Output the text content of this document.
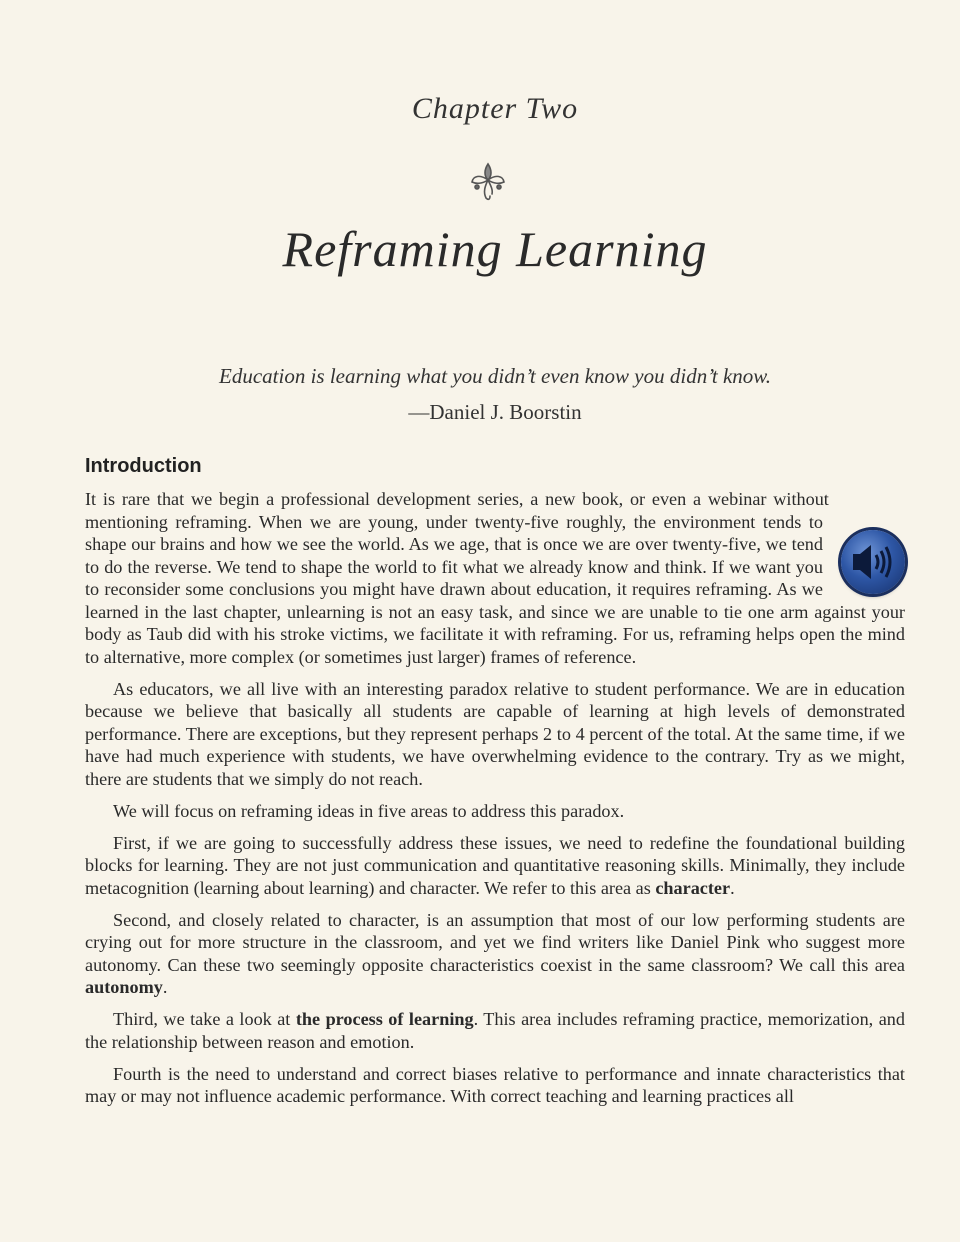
Chapter Two
Reframing Learning
Education is learning what you didn’t even know you didn’t know.
—Daniel J. Boorstin
Introduction

It is rare that we begin a professional development series, a new book, or even a webinar without mentioning reframing. When we are young, under twenty-five roughly, the environment tends to shape our brains and how we see the world. As we age, that is once we are over twenty-five, we tend to do the reverse. We tend to shape the world to fit what we already know and think. If we want you to reconsider some conclusions you might have drawn about education, it requires reframing. As we learned in the last chapter, unlearning is not an easy task, and since we are unable to tie one arm against your body as Taub did with his stroke victims, we facilitate it with reframing. For us, reframing helps open the mind to alternative, more complex (or sometimes just larger) frames of reference.

As educators, we all live with an interesting paradox relative to student performance. We are in education because we believe that basically all students are capable of learning at high levels of demonstrated performance. There are exceptions, but they represent perhaps 2 to 4 percent of the total. At the same time, if we have had much experience with students, we have overwhelming evidence to the contrary. Try as we might, there are students that we simply do not reach.

We will focus on reframing ideas in five areas to address this paradox.

First, if we are going to successfully address these issues, we need to redefine the foundational building blocks for learning. They are not just communication and quantitative reasoning skills. Minimally, they include metacognition (learning about learning) and character. We refer to this area as character.

Second, and closely related to character, is an assumption that most of our low performing students are crying out for more structure in the classroom, and yet we find writers like Daniel Pink who suggest more autonomy. Can these two seemingly opposite characteristics coexist in the same classroom? We call this area autonomy.

Third, we take a look at the process of learning. This area includes reframing practice, memorization, and the relationship between reason and emotion.

Fourth is the need to understand and correct biases relative to performance and innate characteristics that may or may not influence academic performance. With correct teaching and learning practices all
